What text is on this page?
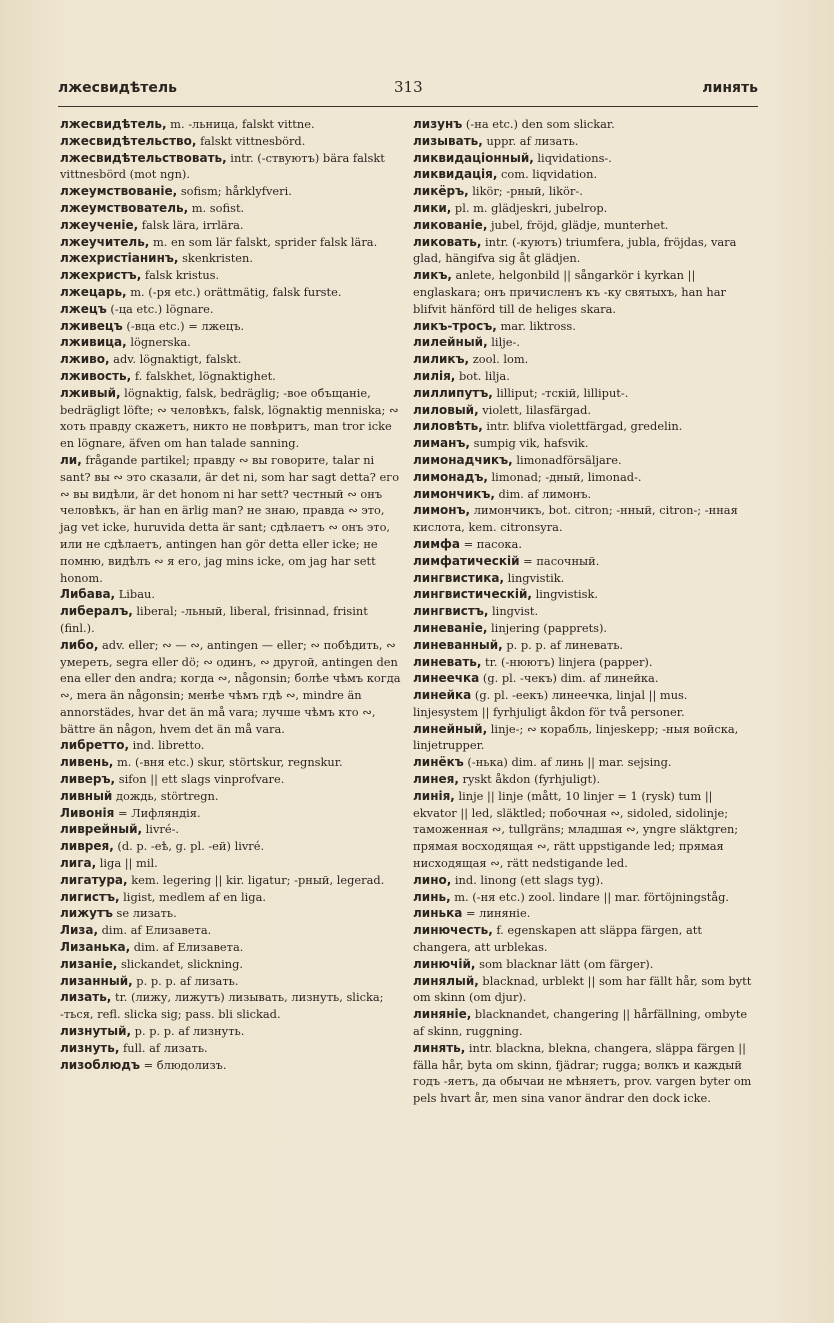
лжесвидѣтель	313	линять
лжесвидѣтель, m. -льница, falskt vittne.
лжесвидѣтельство, falskt vittnesbörd.
лжесвидѣтельствовать, intr. (-ствуютъ) bära falskt vittnesbörd (mot ngn).
лжеумствованіе, sofism; hårklyfveri.
лжеумствователь, m. sofist.
лжеученіе, falsk lära, irrlära.
лжеучитель, m. en som lär falskt, sprider falsk lära.
лжехристіанинъ, skenkristen.
лжехристъ, falsk kristus.
лжецарь, m. (-ря etc.) orättmätig, falsk furste.
лжецъ (-ца etc.) lögnare.
лживецъ (-вца etc.) = лжецъ.
лживица, lögnerska.
лживо, adv. lögnaktigt, falskt.
лживость, f. falskhet, lögnaktighet.
лживый, lögnaktig, falsk, bedräglig; -вое объщаніе, bedrägligt löfte; ∾ человѣкъ, falsk, lögnaktig menniska; ∾ хоть правду скажетъ, никто не повѣритъ, man tror icke en lögnare, äfven om han talade sanning.
ли, frågande partikel; правду ∾ вы говорите, talar ni sant? вы ∾ это сказали, är det ni, som har sagt detta? его ∾ вы видѣли, är det honom ni har sett? честный ∾ онъ человѣкъ, är han en ärlig man? не знаю, правда ∾ это, jag vet icke, huruvida detta är sant; сдѣлаетъ ∾ онъ это, или не сдѣлаетъ, antingen han gör detta eller icke; не помню, видѣлъ ∾ я его, jag mins icke, om jag har sett honom.
Либава, Libau.
либералъ, liberal; -льный, liberal, frisinnad, frisint (finl.).
либо, adv. eller; ∾ — ∾, antingen — eller; ∾ побѣдить, ∾ умереть, segra eller dö; ∾ одинъ, ∾ другой, antingen den ena eller den andra; когда ∾, någonsin; болѣе чѣмъ когда ∾, mera än någonsin; менѣе чѣмъ гдѣ ∾, mindre än annorstädes, hvar det än må vara; лучше чѣмъ кто ∾, bättre än någon, hvem det än må vara.
либретто, ind. libretto.
ливень, m. (-вня etc.) skur, störtskur, regnskur.
ливеръ, sifon || ett slags vinprofvare.
ливный дождь, störtregn.
Ливонія = Лифляндія.
ливрейный, livré-.
ливрея, (d. p. -eѣ, g. pl. -eй) livré.
лига, liga || mil.
лигатура, kem. legering || kir. ligatur; -рный, legerad.
лигистъ, ligist, medlem af en liga.
лижутъ se лизать.
Лиза, dim. af Елизавета.
Лизанька, dim. af Елизавета.
лизаніе, slickandet, slickning.
лизанный, p. p. p. af лизать.
лизать, tr. (лижу, лижутъ) лизывать, лизнуть, slicka; -ться, refl. slicka sig; pass. bli slickad.
лизнутый, p. p. p. af лизнуть.
лизнуть, full. af лизать.
лизоблюдъ = блюдолизъ.
лизунъ (-на etc.) den som slickar.
лизывать, uppr. af лизать.
ликвидаціонный, liqvidations-.
ликвидація, com. liqvidation.
ликёръ, likör; -рный, likör-.
лики, pl. m. glädjeskri, jubelrop.
ликованіе, jubel, fröjd, glädje, munterhet.
ликовать, intr. (-куютъ) triumfera, jubla, fröjdas, vara glad, hängifva sig åt glädjen.
ликъ, anlete, helgonbild || sångarkör i kyrkan || englaskara; онъ причисленъ къ -ку святыхъ, han har blifvit hänförd till de heliges skara.
ликъ-тросъ, mar. liktross.
лилейный, lilje-.
лиликъ, zool. lom.
лилія, bot. lilja.
лиллипутъ, lilliput; -тскій, lilliput-.
лиловый, violett, lilasfärgad.
лиловѣть, intr. blifva violettfärgad, gredelin.
лиманъ, sumpig vik, hafsvik.
лимонадчикъ, limonadförsäljare.
лимонадъ, limonad; -дный, limonad-.
лимончикъ, dim. af лимонъ.
лимонъ, лимончикъ, bot. citron; -нный, citron-; -нная кислота, kem. citronsyra.
лимфа = пасока.
лимфатическій = пасочный.
лингвистика, lingvistik.
лингвистическій, lingvistisk.
лингвистъ, lingvist.
линеваніе, linjering (papprets).
линеванный, p. p. p. af линевать.
линевать, tr. (-нюютъ) linjera (papper).
линеечка (g. pl. -чекъ) dim. af линейка.
линейка (g. pl. -еекъ) линеечка, linjal || mus. linjesystem || fyrhjuligt åkdon för två personer.
линейный, linje-; ∾ корабль, linjeskepp; -ныя войска, linjetrupper.
линёкъ (-нька) dim. af линь || mar. sejsing.
линея, ryskt åkdon (fyrhjuligt).
линія, linje || linje (mått, 10 linjer = 1 (rysk) tum || ekvator || led, släktled; побочная ∾, sidoled, sidolinje; таможенная ∾, tullgräns; младшая ∾, yngre släktgren; прямая восходящая ∾, rätt uppstigande led; прямая нисходящая ∾, rätt nedstigande led.
лино, ind. linong (ett slags tyg).
линь, m. (-ня etc.) zool. lindare || mar. förtöjningståg.
линька = линяніе.
линючесть, f. egenskapen att släppa färgen, att changera, att urblekas.
линючій, som blacknar lätt (om färger).
линялый, blacknad, urblekt || som har fällt hår, som bytt om skinn (om djur).
линяніе, blacknandet, changering || hårfällning, ombyte af skinn, ruggning.
линять, intr. blackna, blekna, changera, släppa färgen || fälla hår, byta om skinn, fjädrar; rugga; волкъ и каждый годъ -яетъ, да обычаи не мѣняетъ, prov. vargen byter om pels hvart år, men sina vanor ändrar den dock icke.
